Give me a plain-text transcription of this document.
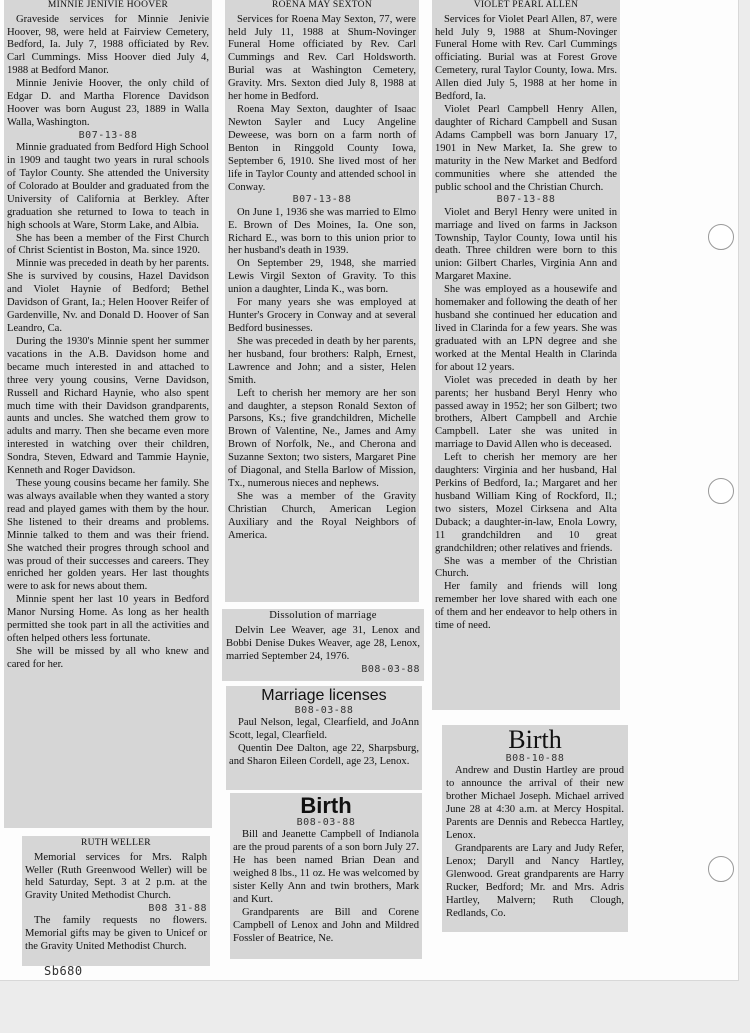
MINNIE JENIVIE HOOVER

Graveside services for Minnie Jenivie Hoover, 98, were held at Fairview Cemetery, Bedford, Ia. July 7, 1988 officiated by Rev. Carl Cummings. Miss Hoover died July 4, 1988 at Bedford Manor.

Minnie Jenivie Hoover, the only child of Edgar D. and Martha Florence Davidson Hoover was born August 23, 1889 in Walla Walla, Washington.

B07-13-88

Minnie graduated from Bedford High School in 1909 and taught two years in rural schools of Taylor County. She attended the University of Colorado at Boulder and graduated from the University of California at Berkley. After graduation she returned to Iowa to teach in high schools at Ware, Storm Lake, and Albia.

She has been a member of the First Church of Christ Scientist in Boston, Ma. since 1920.

Minnie was preceded in death by her parents. She is survived by cousins, Hazel Davidson and Violet Haynie of Bedford; Bethel Davidson of Grant, Ia.; Helen Hoover Reifer of Gardenville, Nv. and Donald D. Hoover of San Leandro, Ca.

During the 1930's Minnie spent her summer vacations in the A.B. Davidson home and became much interested in and attached to three very young cousins, Verne Davidson, Russell and Richard Haynie, who also spent much time with their Davidson grandparents, aunts and uncles. She watched them grow to adults and marry. Then she became even more interested in watching over their children, Sondra, Steven, Edward and Tammie Haynie, Kenneth and Roger Davidson.

These young cousins became her family. She was always available when they wanted a story read and played games with them by the hour. She listened to their dreams and problems. Minnie talked to them and was their friend. She watched their progres through school and was proud of their successes and careers. They enriched her golden years. Her last thoughts were to ask for news about them.

Minnie spent her last 10 years in Bedford Manor Nursing Home. As long as her health permitted she took part in all the activities and often helped others less fortunate.

She will be missed by all who knew and cared for her.

RUTH WELLER

Memorial services for Mrs. Ralph Weller (Ruth Greenwood Weller) will be held Saturday, Sept. 3 at 2 p.m. at the Gravity United Methodist Church.

B08 31-88

The family requests no flowers. Memorial gifts may be given to Unicef or the Gravity United Methodist Church.

Sb680
ROENA MAY SEXTON

Services for Roena May Sexton, 77, were held July 11, 1988 at Shum-Novinger Funeral Home officiated by Rev. Carl Cummings and Rev. Carl Holdsworth. Burial was at Washington Cemetery, Gravity. Mrs. Sexton died July 8, 1988 at her home in Bedford.

Roena May Sexton, daughter of Isaac Newton Sayler and Lucy Angeline Deweese, was born on a farm north of Benton in Ringgold County Iowa, September 6, 1910. She lived most of her life in Taylor County and attended school in Conway.

B07-13-88

On June 1, 1936 she was married to Elmo E. Brown of Des Moines, Ia. One son, Richard E., was born to this union prior to her husband's death in 1939.

On September 29, 1948, she married Lewis Virgil Sexton of Gravity. To this union a daughter, Linda K., was born.

For many years she was employed at Hunter's Grocery in Conway and at several Bedford businesses.

She was preceded in death by her parents, her husband, four brothers: Ralph, Ernest, Lawrence and John; and a sister, Helen Smith.

Left to cherish her memory are her son and daughter, a stepson Ronald Sexton of Parsons, Ks.; five grandchildren, Michelle Brown of Valentine, Ne., James and Amy Brown of Norfolk, Ne., and Cherona and Suzanne Sexton; two sisters, Margaret Pine of Diagonal, and Stella Barlow of Mission, Tx., numerous nieces and nephews.

She was a member of the Gravity Christian Church, American Legion Auxiliary and the Royal Neighbors of America.

Dissolution of marriage

Delvin Lee Weaver, age 31, Lenox and Bobbi Denise Dukes Weaver, age 28, Lenox, married September 24, 1976.

B08-03-88
Marriage licenses
B08-03-88

Paul Nelson, legal, Clearfield, and JoAnn Scott, legal, Clearfield.

Quentin Dee Dalton, age 22, Sharpsburg, and Sharon Eileen Cordell, age 23, Lenox.

Birth
B08-03-88

Bill and Jeanette Campbell of Indianola are the proud parents of a son born July 27. He has been named Brian Dean and weighed 8 lbs., 11 oz. He was welcomed by sister Kelly Ann and twin brothers, Mark and Kurt.

Grandparents are Bill and Corene Campbell of Lenox and John and Mildred Fossler of Beatrice, Ne.

VIOLET PEARL ALLEN

Services for Violet Pearl Allen, 87, were held July 9, 1988 at Shum-Novinger Funeral Home with Rev. Carl Cummings officiating. Burial was at Forest Grove Cemetery, rural Taylor County, Iowa. Mrs. Allen died July 5, 1988 at her home in Bedford, Ia.

Violet Pearl Campbell Henry Allen, daughter of Richard Campbell and Susan Adams Campbell was born January 17, 1901 in New Market, Ia. She grew to maturity in the New Market and Bedford communities where she attended the public school and the Christian Church.

B07-13-88

Violet and Beryl Henry were united in marriage and lived on farms in Jackson Township, Taylor County, Iowa until his death. Three children were born to this union: Gilbert Charles, Virginia Ann and Margaret Maxine.

She was employed as a housewife and homemaker and following the death of her husband she continued her education and lived in Clarinda for a few years. She was graduated with an LPN degree and she worked at the Mental Health in Clarinda for about 12 years.

Violet was preceded in death by her parents; her husband Beryl Henry who passed away in 1952; her son Gilbert; two brothers, Albert Campbell and Archie Campbell. Later she was united in marriage to David Allen who is deceased.

Left to cherish her memory are her daughters: Virginia and her husband, Hal Perkins of Bedford, Ia.; Margaret and her husband William King of Rockford, Il.; two sisters, Mozel Cirksena and Alta Duback; a daughter-in-law, Enola Lowry, 11 grandchildren and 10 great grandchildren; other relatives and friends.

She was a member of the Christian Church.

Her family and friends will long remember her love shared with each one of them and her endeavor to help others in time of need.

Birth
B08-10-88

Andrew and Dustin Hartley are proud to announce the arrival of their new brother Michael Joseph. Michael arrived June 28 at 4:30 a.m. at Mercy Hospital. Parents are Dennis and Rebecca Hartley, Lenox.

Grandparents are Lary and Judy Refer, Lenox; Daryll and Nancy Hartley, Glenwood. Great grandparents are Harry Rucker, Bedford; Mr. and Mrs. Adris Hartley, Malvern; Ruth Clough, Redlands, Co.
